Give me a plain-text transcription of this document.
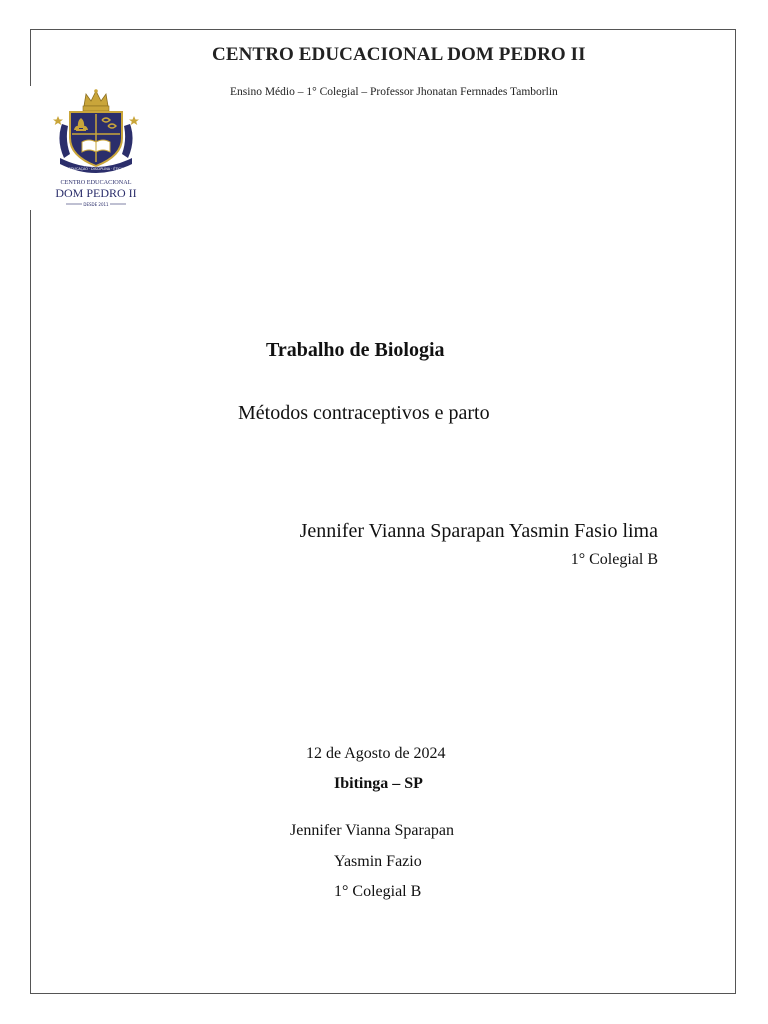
CENTRO EDUCACIONAL DOM PEDRO II
Ensino Médio – 1° Colegial – Professor Jhonatan Fernnades Tamborlin
EDUCAÇÃO · DISCIPLINA · ÉTICA
CENTRO EDUCACIONAL
DOM PEDRO II
DESDE 2011
Trabalho de Biologia
Métodos contraceptivos e parto
Jennifer Vianna Sparapan Yasmin Fasio lima
1° Colegial B
12 de Agosto de 2024
Ibitinga – SP
Jennifer Vianna Sparapan
Yasmin Fazio
1° Colegial B
